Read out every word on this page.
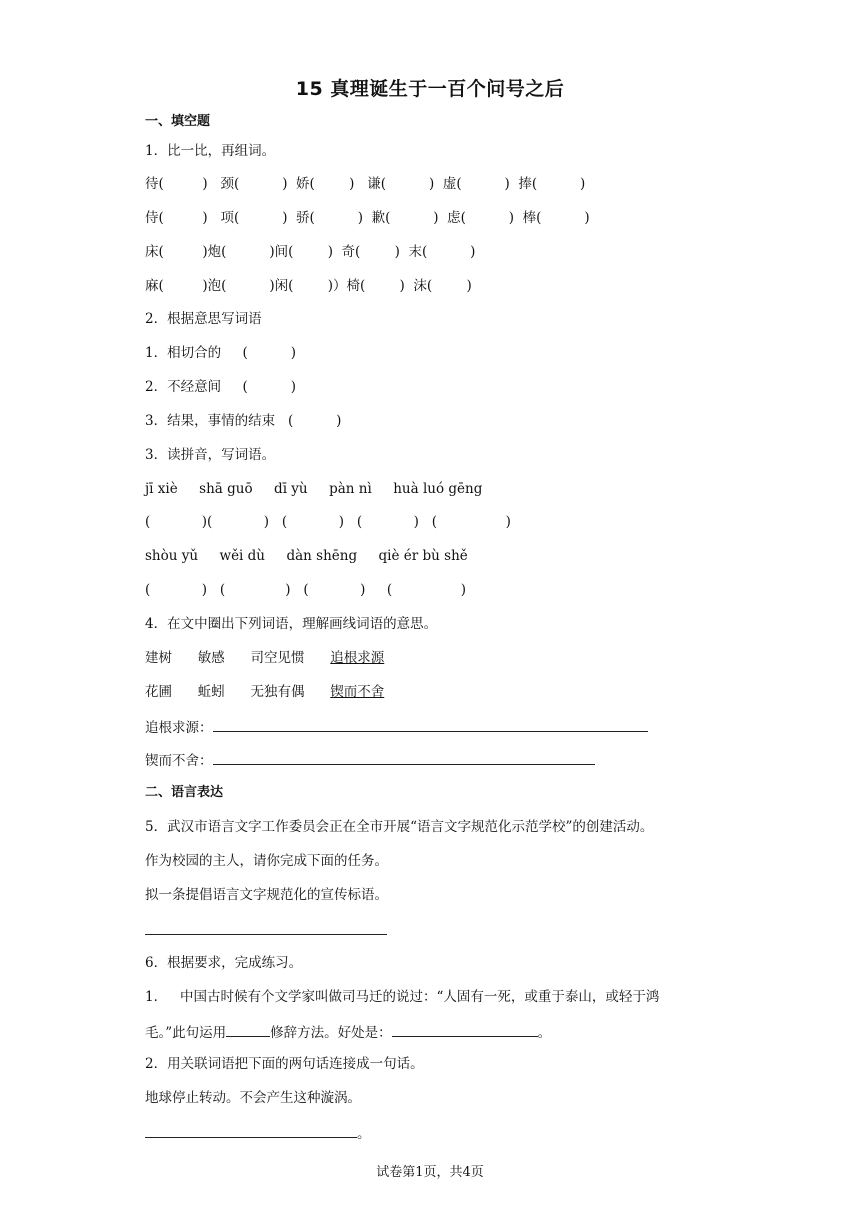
15 真理诞生于一百个问号之后
一、填空题
1．比一比，再组词。
待(         )   颈(          )  娇(        )   谦(          )  虚(          )  捧(          )
侍(         )   项(          )  骄(          )  歉(          )  虑(          )  棒(          )
床(         )炮(          )间(        )  奇(        )  末(          )
麻(         )泡(          )闲(        )）椅(        )  沫(        )
2．根据意思写词语
1．相切合的     (          )
2．不经意间     (          )
3．结果，事情的结束   (          )
3．读拼音，写词语。
jī xiè     shā guō     dī yù     pàn nì     huà luó gēng
(            )(            )   (            )   (            )   (                )
shòu yǔ     wěi dù     dàn shēng     qiè ér bù shě
(            )   (              )   (            )     (                )
4．在文中圈出下列词语，理解画线词语的意思。
建树 敏感 司空见惯 追根求源
花圃 蚯蚓 无独有偶 锲而不舍
追根求源：
锲而不舍：
二、语言表达
5．武汉市语言文字工作委员会正在全市开展“语言文字规范化示范学校”的创建活动。
作为校园的主人，请你完成下面的任务。
拟一条提倡语言文字规范化的宣传标语。
6．根据要求，完成练习。
1．   中国古时候有个文学家叫做司马迁的说过：“人固有一死，或重于泰山，或轻于鸿
毛。”此句运用	修辞方法。好处是：	。
2．用关联词语把下面的两句话连接成一句话。
地球停止转动。不会产生这种漩涡。
。
试卷第1页，共4页
